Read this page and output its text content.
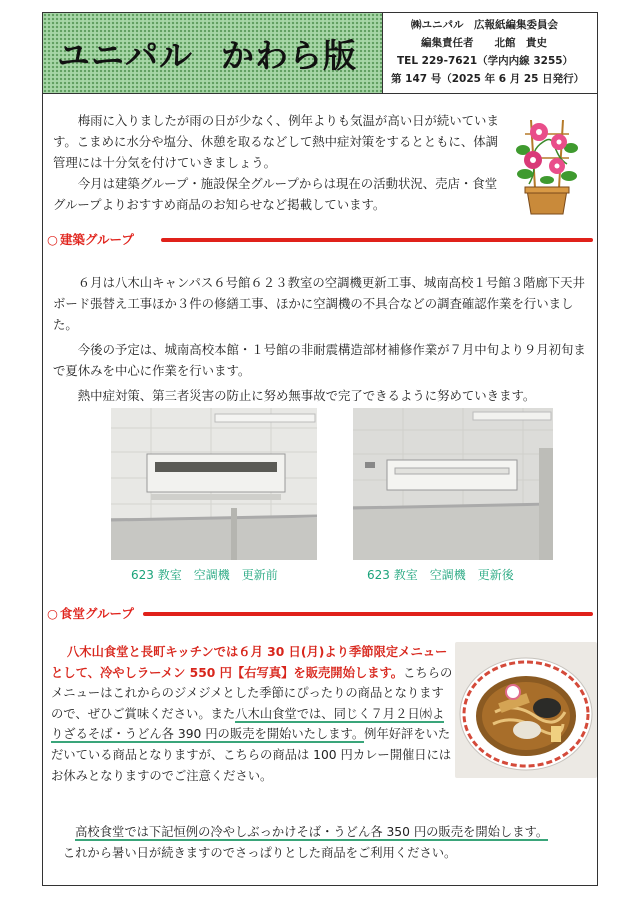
ユニパル かわら版
㈱ユニパル　広報紙編集委員会
編集責任者　　北館　貴史
TEL 229-7621（学内内線 3255）
第 147 号（2025 年 6 月 25 日発行）

梅雨に入りましたが雨の日が少なく、例年よりも気温が高い日が続いています。こまめに水分や塩分、休憩を取るなどして熱中症対策をするとともに、体調管理には十分気を付けていきましょう。

今月は建築グループ・施設保全グループからは現在の活動状況、売店・食堂グループよりおすすめ商品のお知らせなど掲載しています。

○ 建築グループ

６月は八木山キャンパス６号館６２３教室の空調機更新工事、城南高校１号館３階廊下天井ボード張替え工事ほか３件の修繕工事、ほかに空調機の不具合などの調査確認作業を行いました。

今後の予定は、城南高校本館・１号館の非耐震構造部材補修作業が７月中旬より９月初旬まで夏休みを中心に作業を行います。

熱中症対策、第三者災害の防止に努め無事故で完了できるように努めていきます。

623 教室 空調機 更新前	623 教室 空調機 更新後
○ 食堂グループ
八木山食堂と長町キッチンでは６月 30 日(月)より季節限定メニューとして、冷やしラーメン 550 円【右写真】を販売開始します。こちらのメニューはこれからのジメジメとした季節にぴったりの商品となりますので、ぜひご賞味ください。また八木山食堂では、同じく７月２日㈬よりざるそば・うどん各 390 円の販売を開始いたします。例年好評をいただいている商品となりますが、こちらの商品は 100 円カレー開催日にはお休みとなりますのでご注意ください。

高校食堂では下記恒例の冷やしぶっかけそば・うどん各 350 円の販売を開始します。

これから暑い日が続きますのでさっぱりとした商品をご利用ください。
